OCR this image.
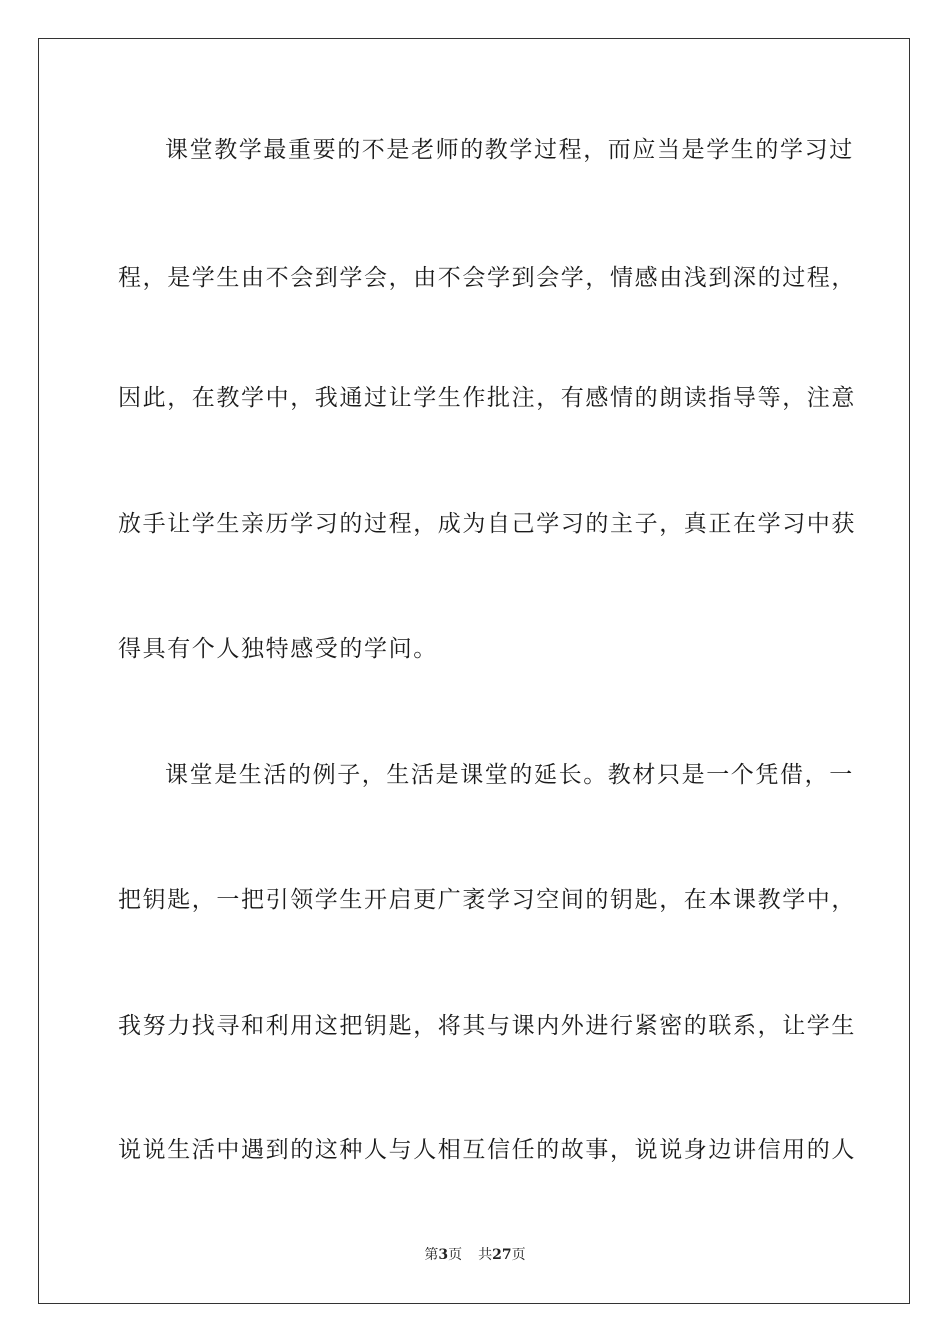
课堂教学最重要的不是老师的教学过程，而应当是学生的学习过
程，是学生由不会到学会，由不会学到会学，情感由浅到深的过程，
因此，在教学中，我通过让学生作批注，有感情的朗读指导等，注意
放手让学生亲历学习的过程，成为自己学习的主子，真正在学习中获
得具有个人独特感受的学问。
课堂是生活的例子，生活是课堂的延长。教材只是一个凭借，一
把钥匙，一把引领学生开启更广袤学习空间的钥匙，在本课教学中，
我努力找寻和利用这把钥匙，将其与课内外进行紧密的联系，让学生
说说生活中遇到的这种人与人相互信任的故事，说说身边讲信用的人
第3页 共27页
